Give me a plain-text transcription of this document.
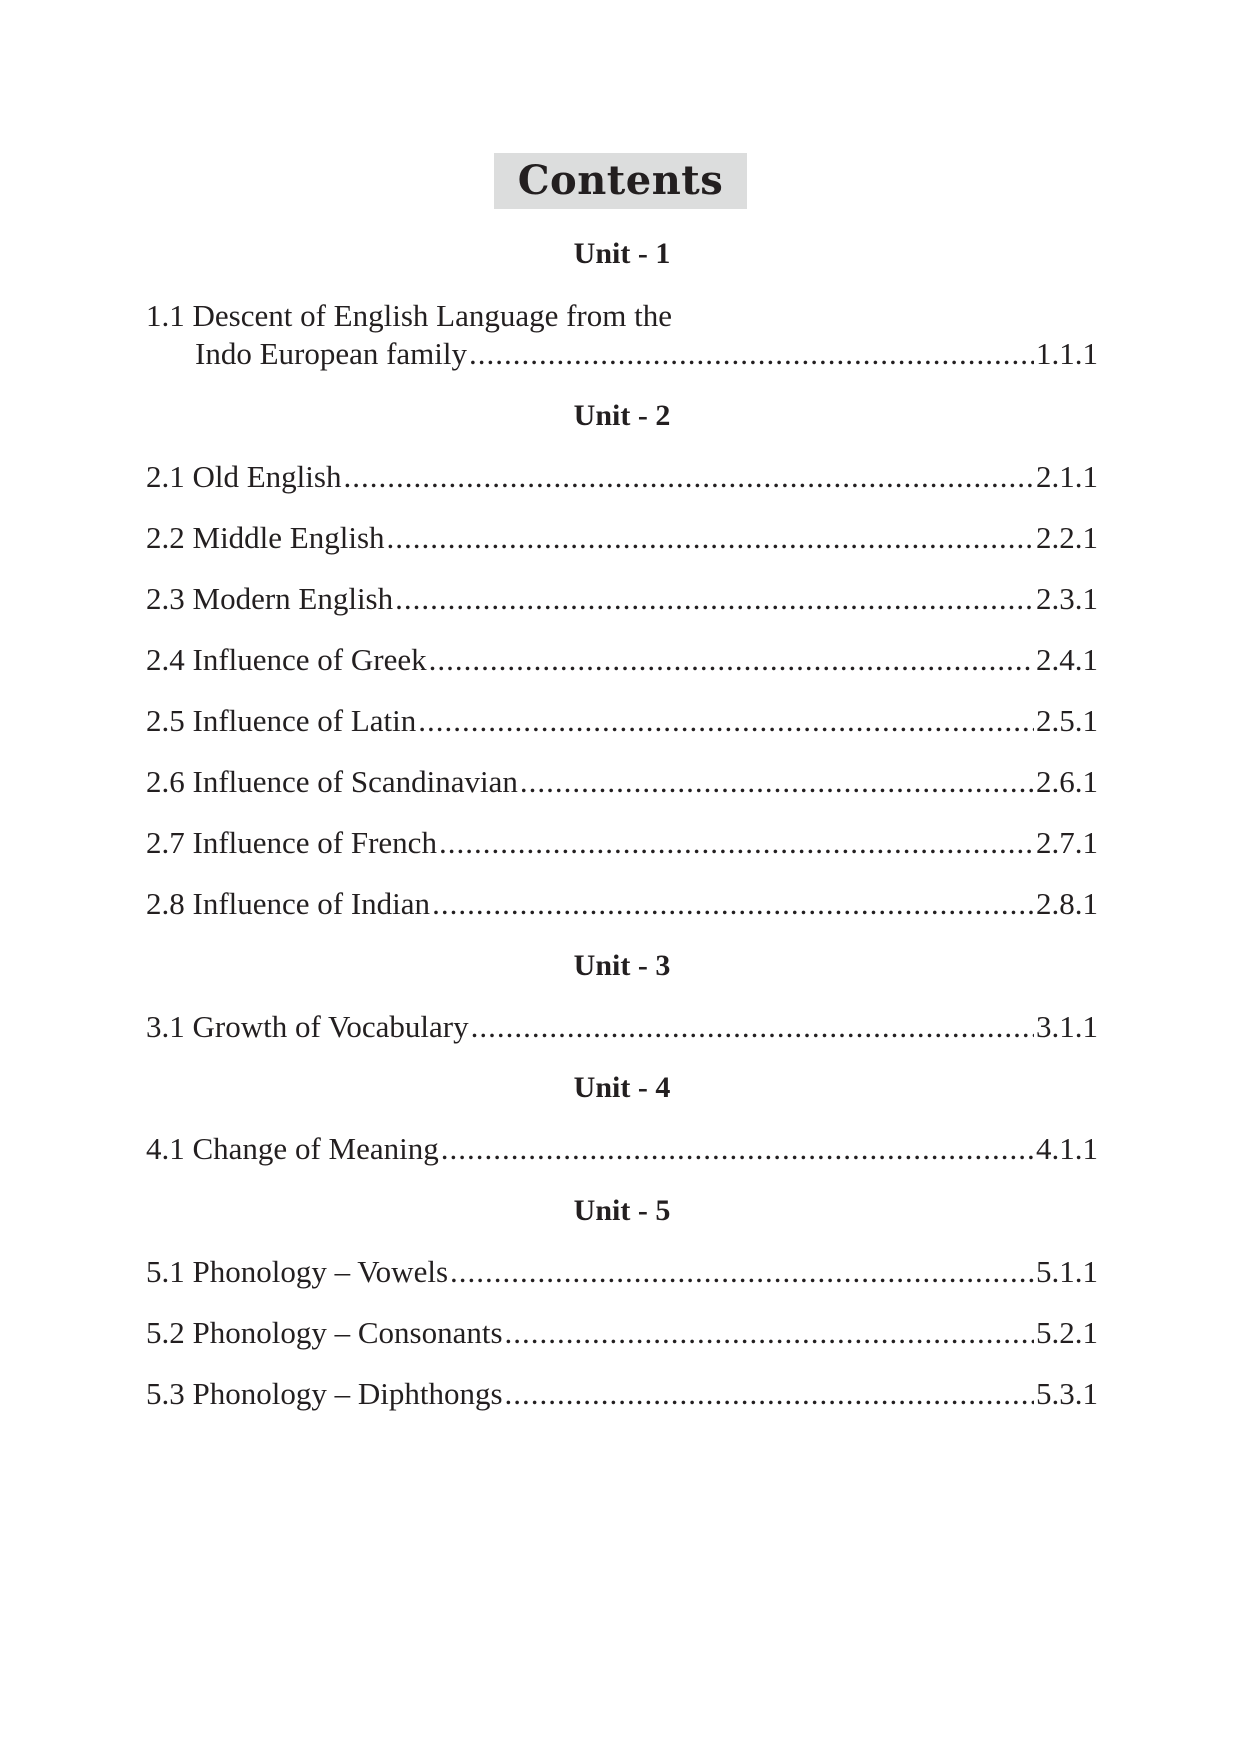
Contents
Unit - 1
1.1 Descent of English Language from the
Indo European family .....	1.1.1
Unit - 2
2.1 Old English .....	2.1.1
2.2 Middle English .....	2.2.1
2.3 Modern English .....	2.3.1
2.4 Influence of Greek .....	2.4.1
2.5 Influence of Latin .....	2.5.1
2.6 Influence of Scandinavian .....	2.6.1
2.7 Influence of French .....	2.7.1
2.8 Influence of Indian .....	2.8.1
Unit - 3
3.1 Growth of Vocabulary .....	3.1.1
Unit - 4
4.1 Change of Meaning .....	4.1.1
Unit - 5
5.1 Phonology – Vowels .....	5.1.1
5.2 Phonology – Consonants .....	5.2.1
5.3 Phonology – Diphthongs .....	5.3.1
